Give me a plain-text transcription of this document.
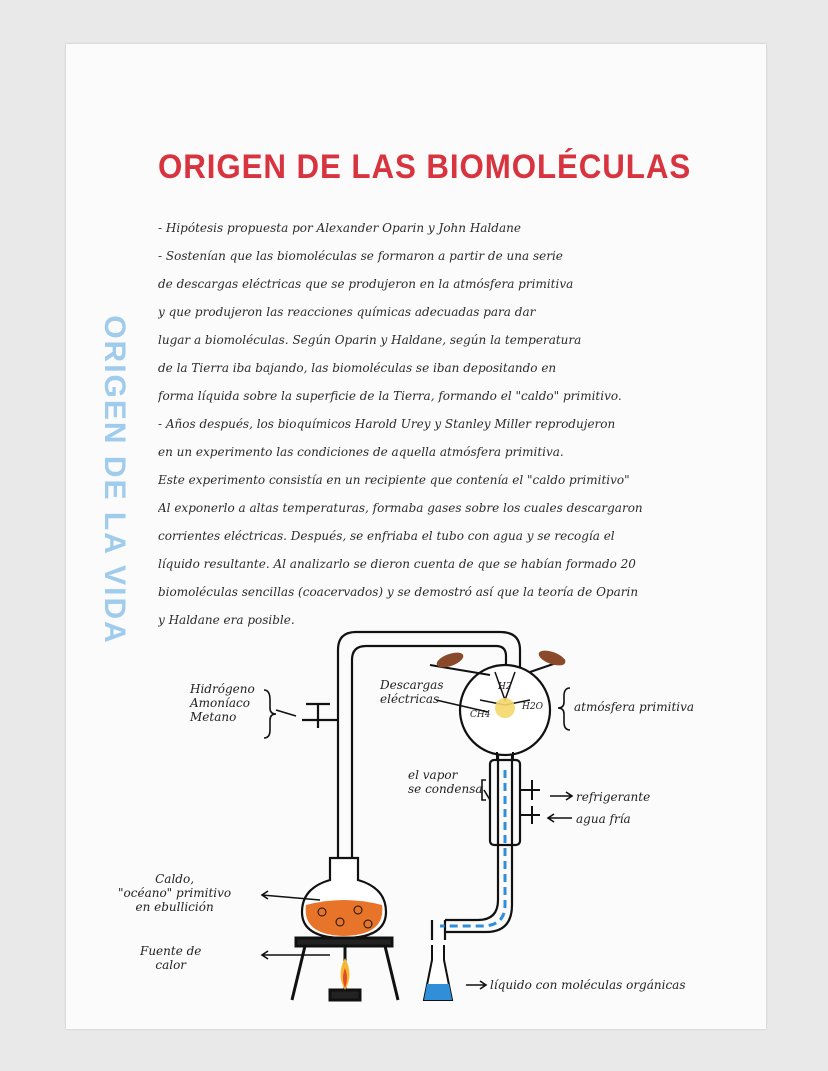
ORIGEN DE LAS BIOMOLÉCULAS
ORIGEN DE LA VIDA
- Hipótesis propuesta por Alexander Oparin y John Haldane
- Sostenían que las biomoléculas se formaron a partir de una serie
de descargas eléctricas que se produjeron en la atmósfera primitiva
y que produjeron las reacciones químicas adecuadas para dar
lugar a biomoléculas. Según Oparin y Haldane, según la temperatura
de la Tierra iba bajando, las biomoléculas se iban depositando en
forma líquida sobre la superficie de la Tierra, formando el "caldo" primitivo.
- Años después, los bioquímicos Harold Urey y Stanley Miller reprodujeron
en un experimento las condiciones de aquella atmósfera primitiva.
Este experimento consistía en un recipiente que contenía el "caldo primitivo"
Al exponerlo a altas temperaturas, formaba gases sobre los cuales descargaron
corrientes eléctricas. Después, se enfriaba el tubo con agua y se recogía el
líquido resultante. Al analizarlo se dieron cuenta de que se habían formado 20
biomoléculas sencillas (coacervados) y se demostró así que la teoría de Oparin
y Haldane era posible.
Hidrógeno
Amoníaco
Metano
Descargas
eléctricas
H2
CH4
H2O	atmósfera primitiva
el vapor
se condensa
refrigerante
agua fría
Caldo,
"océano" primitivo
en ebullición
Fuente de
calor
líquido con moléculas orgánicas
